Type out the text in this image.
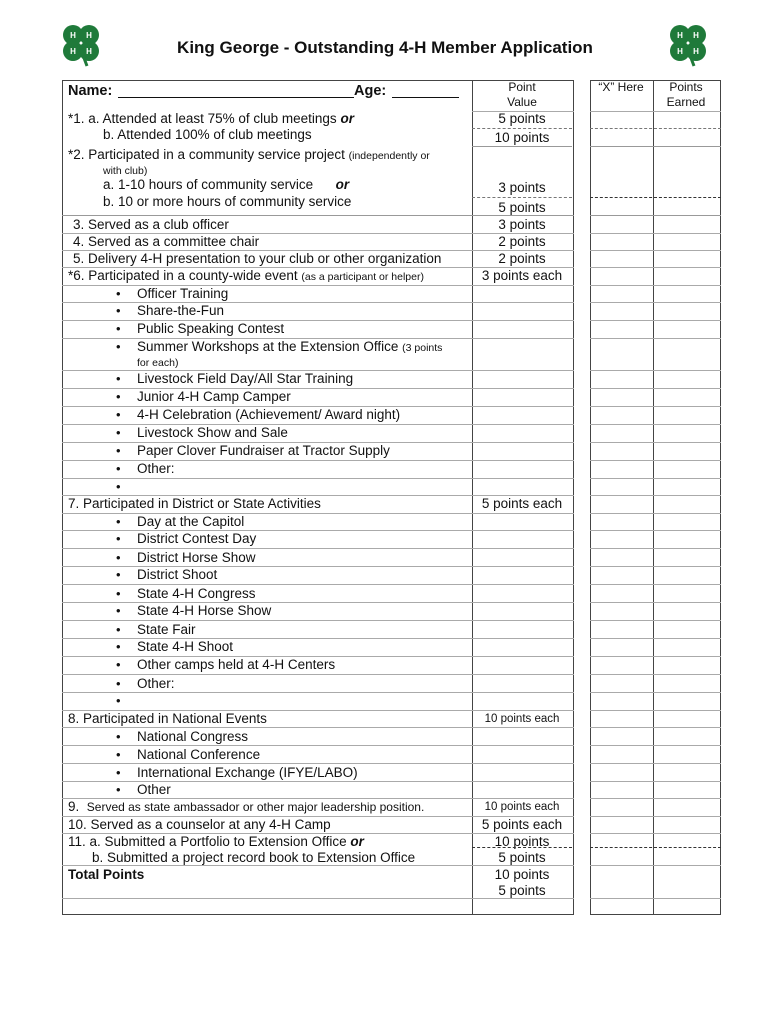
H H
H H
H H
H H
King George - Outstanding 4-H Member Application
Name:	Age:	Point Value
“X” Here	Points Earned
*1. a. Attended at least 75% of club meetings or	5 points
b. Attended 100% of club meetings	10 points
*2. Participated in a community service project (independently or
with club)
a. 1-10 hours of community service or	3 points
b. 10 or more hours of community service	5 points
3. Served as a club officer	3 points
4. Served as a committee chair	2 points
5. Delivery 4-H presentation to your club or other organization	2 points
*6. Participated in a county-wide event (as a participant or helper)	3 points each
• Officer Training
• Share-the-Fun
• Public Speaking Contest
• Summer Workshops at the Extension Office (3 points
for each)
• Livestock Field Day/All Star Training
• Junior 4-H Camp Camper
• 4-H Celebration (Achievement/ Award night)
• Livestock Show and Sale
• Paper Clover Fundraiser at Tractor Supply
• Other:
•
7. Participated in District or State Activities	5 points each
• Day at the Capitol
• District Contest Day
• District Horse Show
• District Shoot
• State 4-H Congress
• State 4-H Horse Show
• State Fair
• State 4-H Shoot
• Other camps held at 4-H Centers
• Other:
•
8. Participated in National Events	10 points each
• National Congress
• National Conference
• International Exchange (IFYE/LABO)
• Other
9. Served as state ambassador or other major leadership position.	10 points each
10. Served as a counselor at any 4-H Camp	5 points each
11. a. Submitted a Portfolio to Extension Office or	10 points
b. Submitted a project record book to Extension Office	5 points
Total Points	10 points
5 points
